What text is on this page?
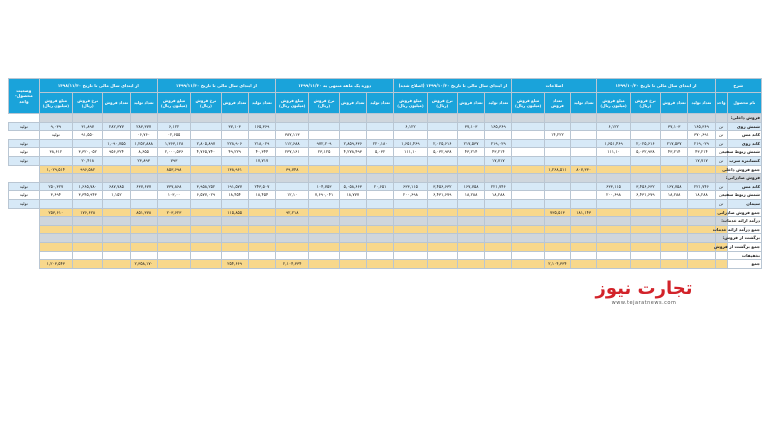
شرح		از ابتدای سال مالی تا تاریخ ۱۳۹۹/۱۰/۳۰				اصلاحات			از ابتدای سال مالی تا تاریخ ۱۳۹۹/۱۰/۳۰ (اصلاح شده)				دوره یک ماهه منتهی به ۱۳۹۹/۱۱/۳۰				از ابتدای سال مالی تا تاریخ ۱۳۹۹/۱۱/۳۰				از ابتدای سال مالی تا تاریخ ۱۳۹۸/۱۱/۳۰				وضعیت محصول- واحد
نام محصول	واحد	تعداد تولید	تعداد فروش	نرخ فروش (ریال)	مبلغ فروش (میلیون ریال)	تعداد تولید	تعداد فروش	مبلغ فروش (میلیون ریال)	تعداد تولید	تعداد فروش	نرخ فروش (ریال)	مبلغ فروش (میلیون ریال)	تعداد تولید	تعداد فروش	نرخ فروش (ریال)	مبلغ فروش (میلیون ریال)	تعداد تولید	تعداد فروش	نرخ فروش (ریال)	مبلغ فروش (میلیون ریال)	تعداد تولید	تعداد فروش	نرخ فروش (ریال)	مبلغ فروش (میلیون ریال)	
فروش داخلی:																									
شمش روی	تن	۱۶۵,۳۶۹	۳۷,۱۰۳		۶,۱۲۲				۱۶۵,۳۶۹	۳۷,۱۰۳		۶,۱۲۲					۱۶۵,۳۶۹	۳۷,۱۰۳		۶,۱۲۲	۲۸۳,۳۷۷	۲۸۲,۳۷۷	۳۱,۸۹۷	۹,۰۳۹	تولید
کاتد مس	تن	۳۷۰,۶۹۱					۱۴,۲۲۲									۳۸۷,۱۱۳				۰۲,۶۵۵	۰۶,۷۶۰		۹۱,۵۵۰	تولید	
کاتد روی	تن	۲۱۹,۰۲۹	۲۱۷,۵۳۷	۲,۰۲۵,۶۱۶	۱,۶۵۱,۴۶۹				۲۱۹,۰۲۹	۲۱۷,۵۳۷	۲,۰۲۵,۶۱۶	۱,۶۵۱,۴۶۹	۲۲۰,۱۸۰	۲,۸۵۹,۶۳۶	۹۷۲,۲۰۹	۱۱۲,۶۸۸	۲۱۸,۰۲۹	۲۲۸,۹۰۶	۲,۸۰۵,۸۹۷	۱,۳۶۳,۱۲۸	۱,۲۵۲,۸۸۸	۱,۰۹۰,۷۵۵			تولید
شمش ربوط سفید	تن	۴۳,۲۱۴	۴۳,۲۱۴	۵,۰۳۲,۹۳۸	۱۱۱,۱۰				۴۳,۲۱۴	۴۳,۲۱۴	۵,۰۳۲,۹۳۸	۱۱۱,۱۰	۵,۰۳۲	۴,۲۷۸,۴۹۳	۲۳,۱۲۵	۲۳۷,۱۶۱	۴۰,۳۴۴	۴۹,۲۲۹	۴,۷۶۵,۷۴۰	۲,۰۰۰,۵۳۶	۸,۶۵۵	۹۵۶,۳۲۴	۳,۳۲۰,۰۵۲	۳۸,۶۱۲	تولید
کنسانتره سرب	تن	۱۷,۷۱۷							۱۷,۷۱۷								۱۷,۷۱۷			۷۹۳	۲۳,۸۹۳		۲۰,۴۱۸		تولید
جمع فروش داخلی						۸۰۷,۳۳۰	۱,۲۶۸,۵۱۱									۳۹,۷۴۸		۱۳۸,۹۶۱		۸۵۳,۶۹۸			۹۹۶,۵۸۲	۱,۰۲۹,۵۱۴	
فروش صادراتی:																									
کاتد مس	تن	۲۲۱,۷۴۶	۱۶۷,۷۵۸	۳,۴۵۶,۶۳۲	۶۳۳,۱۱۵				۲۲۱,۷۴۶	۱۶۷,۷۵۸	۳,۴۵۶,۶۳۲	۶۳۳,۱۱۵	۲۰,۶۵۱	۵,۰۵۸,۶۶۳	۱۰۴,۷۵۳		۲۴۳,۵۰۷	۱۹۱,۵۷۷	۳,۹۵۸,۲۵۲	۷۳۷,۸۶۸	۶۳۷,۶۷۷	۶۸۷,۷۸۵	۱,۶۶۵,۷۸۰	۲۵۰,۳۲۷	تولید
شمش ربوط سفید	تن	۱۸,۲۸۸	۱۸,۲۸۸	۶,۴۳۱,۶۷۹	۲۰۰,۶۹۸				۱۸,۲۸۸	۱۸,۲۸۸	۶,۴۳۱,۶۷۹	۲۰۰,۶۹۸		۱۸,۷۷۷	۷,۶۹۰,۰۴۱	۱۲,۱۰	۱۸,۴۵۴	۱۸,۴۵۴	۶,۵۷۷,۰۲۹	۱۰۳,۰۰		۱,۱۵۲	۳,۳۴۵,۹۴۳	۳,۶۹۴	تولید
سیمان	تن																								تولید
جمع فروش صادراتی						۱۸۱,۱۴۳	۷۳۵,۵۱۳									۹۲,۲۱۸		۱۱۵,۸۵۵		۲۰۳,۶۲۳	۸۵۱,۳۷۸		۱۷۶,۶۲۸	۲۵۳,۶۱۰	
درآمد ارائه خدمات:																									
جمع درآمد ارائه خدمات																									
برگشت از فروش:																									
جمع برگشت از فروش																									
تخفیفات																									
جمع							۲,۱۰۴,۳۳۴									۲,۱۰۴,۳۳۴		۲۵۴,۶۶۹			۲,۳۵۸,۱۷۰			۱,۲۰۳,۵۴۳	
تجارت نیوز
www.tejaratnews.com
